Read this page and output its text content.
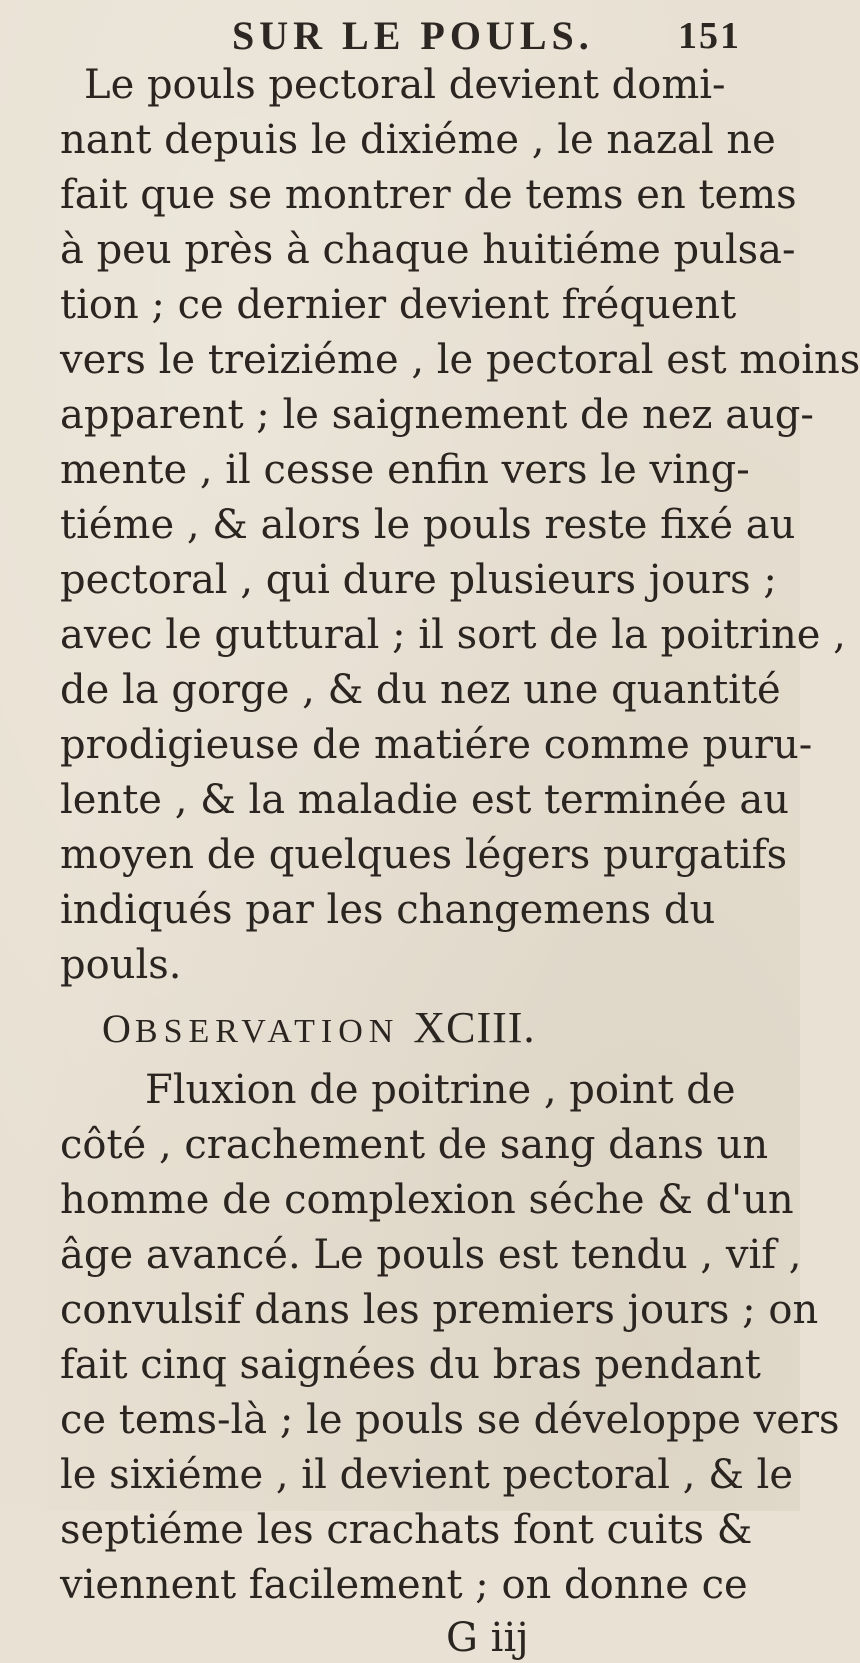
SUR LE POULS. 151
Le pouls pectoral devient domi-
nant depuis le dixiéme , le nazal ne
fait que se montrer de tems en tems
à peu près à chaque huitiéme pulsa-
tion ; ce dernier devient fréquent
vers le treiziéme , le pectoral est moins
apparent ; le saignement de nez aug-
mente , il cesse enfin vers le ving-
tiéme , & alors le pouls reste fixé au
pectoral , qui dure plusieurs jours ;
avec le guttural ; il sort de la poitrine ,
de la gorge , & du nez une quantité
prodigieuse de matiére comme puru-
lente , & la maladie est terminée au
moyen de quelques légers purgatifs
indiqués par les changemens du
pouls.
OBSERVATION XCIII.
Fluxion de poitrine , point de
côté , crachement de sang dans un
homme de complexion séche & d'un
âge avancé. Le pouls est tendu , vif ,
convulsif dans les premiers jours ; on
fait cinq saignées du bras pendant
ce tems-là ; le pouls se développe vers
le sixiéme , il devient pectoral , & le
septiéme les crachats font cuits &
viennent facilement ; on donne ce
G iij
